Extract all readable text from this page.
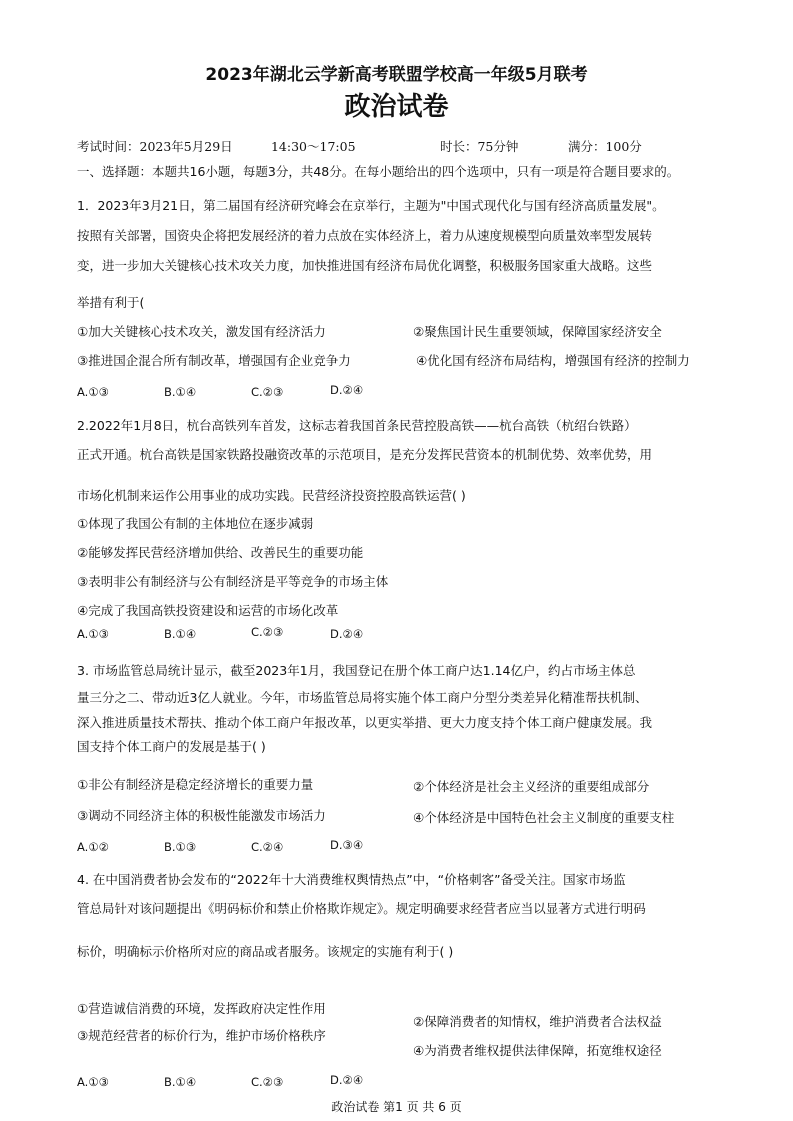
2023年湖北云学新高考联盟学校高一年级5月联考
政治试卷
考试时间：2023年5月29日	14:30～17:05	时长：75分钟	满分：100分
一、选择题：本题共16小题，每题3分，共48分。在每小题给出的四个选项中，只有一项是符合题目要求的。
1．2023年3月21日，第二届国有经济研究峰会在京举行，主题为"中国式现代化与国有经济高质量发展"。
按照有关部署，国资央企将把发展经济的着力点放在实体经济上，着力从速度规模型向质量效率型发展转
变，进一步加大关键核心技术攻关力度，加快推进国有经济布局优化调整，积极服务国家重大战略。这些
举措有利于(
①加大关键核心技术攻关，激发国有经济活力	②聚焦国计民生重要领域，保障国家经济安全
③推进国企混合所有制改革，增强国有企业竞争力	④优化国有经济布局结构，增强国有经济的控制力
A.①③	B.①④	C.②③	D.②④
2.2022年1月8日，杭台高铁列车首发，这标志着我国首条民营控股高铁——杭台高铁（杭绍台铁路）
正式开通。杭台高铁是国家铁路投融资改革的示范项目，是充分发挥民营资本的机制优势、效率优势，用
市场化机制来运作公用事业的成功实践。民营经济投资控股高铁运营( )
①体现了我国公有制的主体地位在逐步减弱
②能够发挥民营经济增加供给、改善民生的重要功能
③表明非公有制经济与公有制经济是平等竞争的市场主体
④完成了我国高铁投资建设和运营的市场化改革
A.①③	B.①④	C.②③	D.②④
3. 市场监管总局统计显示，截至2023年1月，我国登记在册个体工商户达1.14亿户，约占市场主体总
量三分之二、带动近3亿人就业。今年，市场监管总局将实施个体工商户分型分类差异化精准帮扶机制、
深入推进质量技术帮扶、推动个体工商户年报改革，以更实举措、更大力度支持个体工商户健康发展。我
国支持个体工商户的发展是基于( )
①非公有制经济是稳定经济增长的重要力量	②个体经济是社会主义经济的重要组成部分
③调动不同经济主体的积极性能激发市场活力	④个体经济是中国特色社会主义制度的重要支柱
A.①②	B.①③	C.②④	D.③④
4. 在中国消费者协会发布的“2022年十大消费维权舆情热点”中，“价格刺客”备受关注。国家市场监
管总局针对该问题提出《明码标价和禁止价格欺诈规定》。规定明确要求经营者应当以显著方式进行明码
标价，明确标示价格所对应的商品或者服务。该规定的实施有利于( )
①营造诚信消费的环境，发挥政府决定性作用
②保障消费者的知情权，维护消费者合法权益
③规范经营者的标价行为，维护市场价格秩序
④为消费者维权提供法律保障，拓宽维权途径
A.①③	B.①④	C.②③	D.②④
政治试卷 第1 页 共 6 页
